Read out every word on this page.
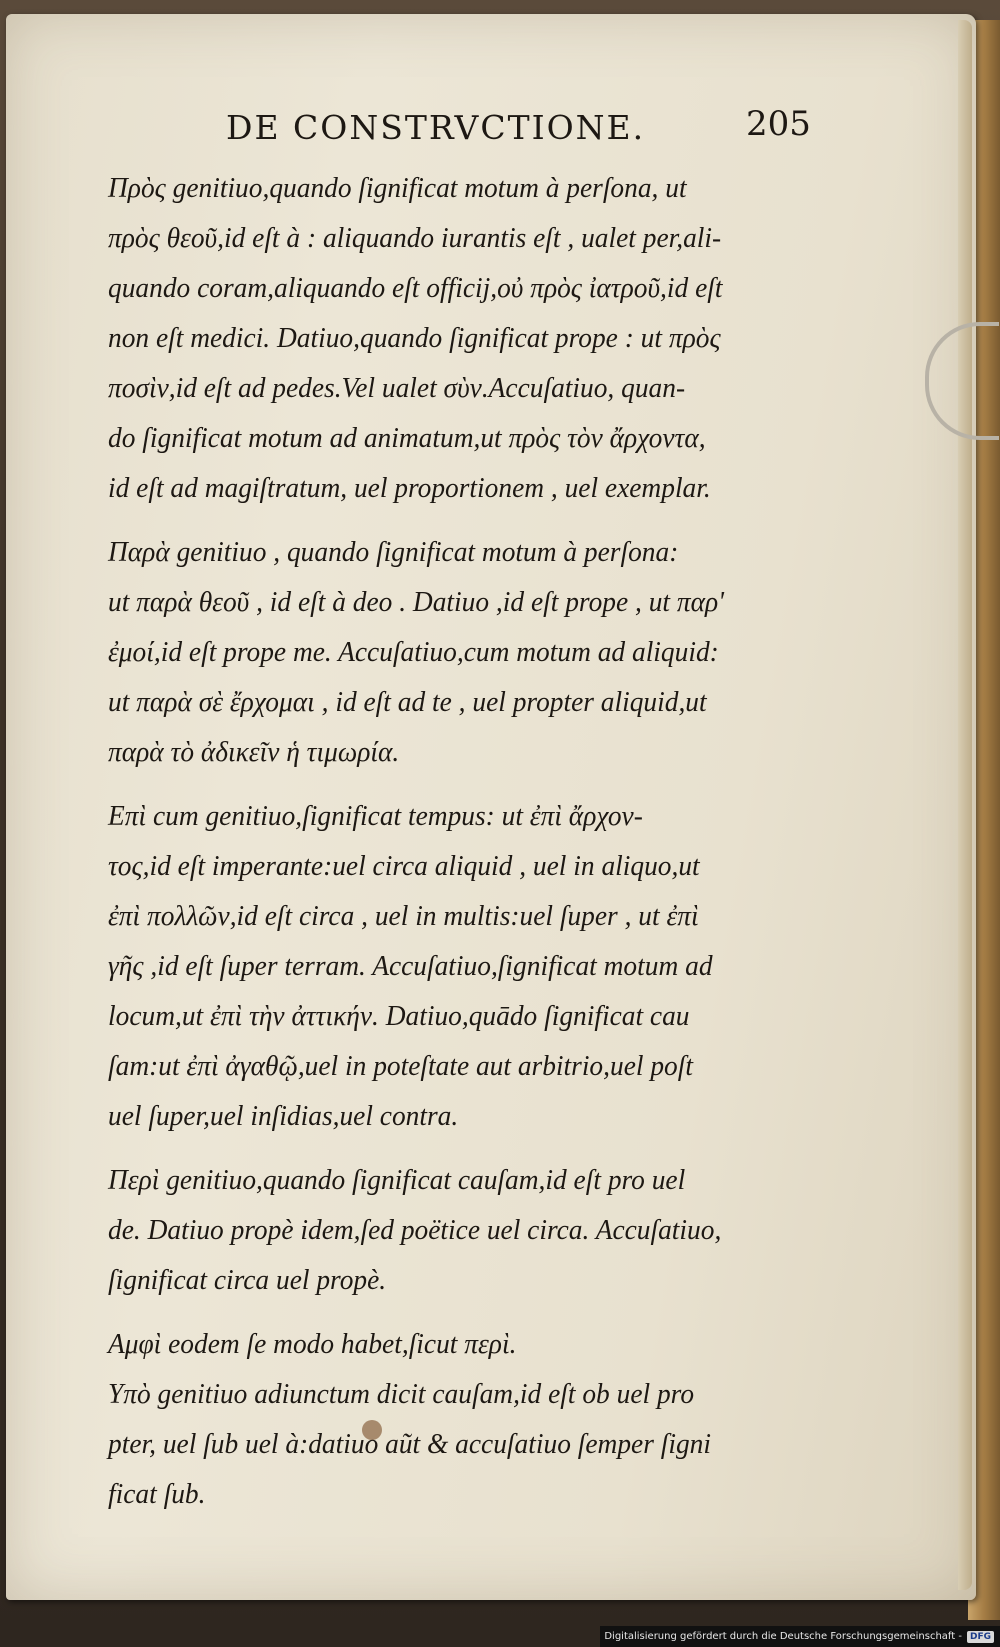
DE CONSTRVCTIONE.	205
Πρὸς genitiuo,quando ſignificat motum à perſona, ut
πρὸς θεοῦ,id eſt à : aliquando iurantis eſt , ualet per,ali-
quando coram,aliquando eſt officij,οὐ πρὸς ἰατροῦ,id eſt
non eſt medici. Datiuo,quando ſignificat prope : ut πρὸς
ποσὶν,id eſt ad pedes.Vel ualet σὺν.Accuſatiuo, quan-
do ſignificat motum ad animatum,ut πρὸς τὸν ἄρχοντα,
id eſt ad magiſtratum, uel proportionem , uel exemplar.
Παρὰ genitiuo , quando ſignificat motum à perſona:
ut παρὰ θεοῦ , id eſt à deo . Datiuo ,id eſt prope , ut παρ'
ἐμοί,id eſt prope me. Accuſatiuo,cum motum ad aliquid:
ut παρὰ σὲ ἔρχομαι , id eſt ad te , uel propter aliquid,ut
παρὰ τὸ ἀδικεῖν ἡ τιμωρία.
Επὶ cum genitiuo,ſignificat tempus: ut ἐπὶ ἄρχον-
τος,id eſt imperante:uel circa aliquid , uel in aliquo,ut
ἐπὶ πολλῶν,id eſt circa , uel in multis:uel ſuper , ut ἐπὶ
γῆς ,id eſt ſuper terram. Accuſatiuo,ſignificat motum ad
locum,ut ἐπὶ τὴν ἀττικήν. Datiuo,quādo ſignificat cau
ſam:ut ἐπὶ ἀγαθῷ,uel in poteſtate aut arbitrio,uel poſt
uel ſuper,uel inſidias,uel contra.
Περὶ genitiuo,quando ſignificat cauſam,id eſt pro uel
de. Datiuo propè idem,ſed poëtice uel circa. Accuſatiuo,
ſignificat circa uel propè.
Αμφὶ eodem ſe modo habet,ſicut περὶ.
Υπὸ genitiuo adiunctum dicit cauſam,id eſt ob uel pro
pter, uel ſub uel à:datiuo aũt & accuſatiuo ſemper ſigni
ficat ſub.
Digitalisierung gefördert durch die Deutsche Forschungsgemeinschaft - DFG
